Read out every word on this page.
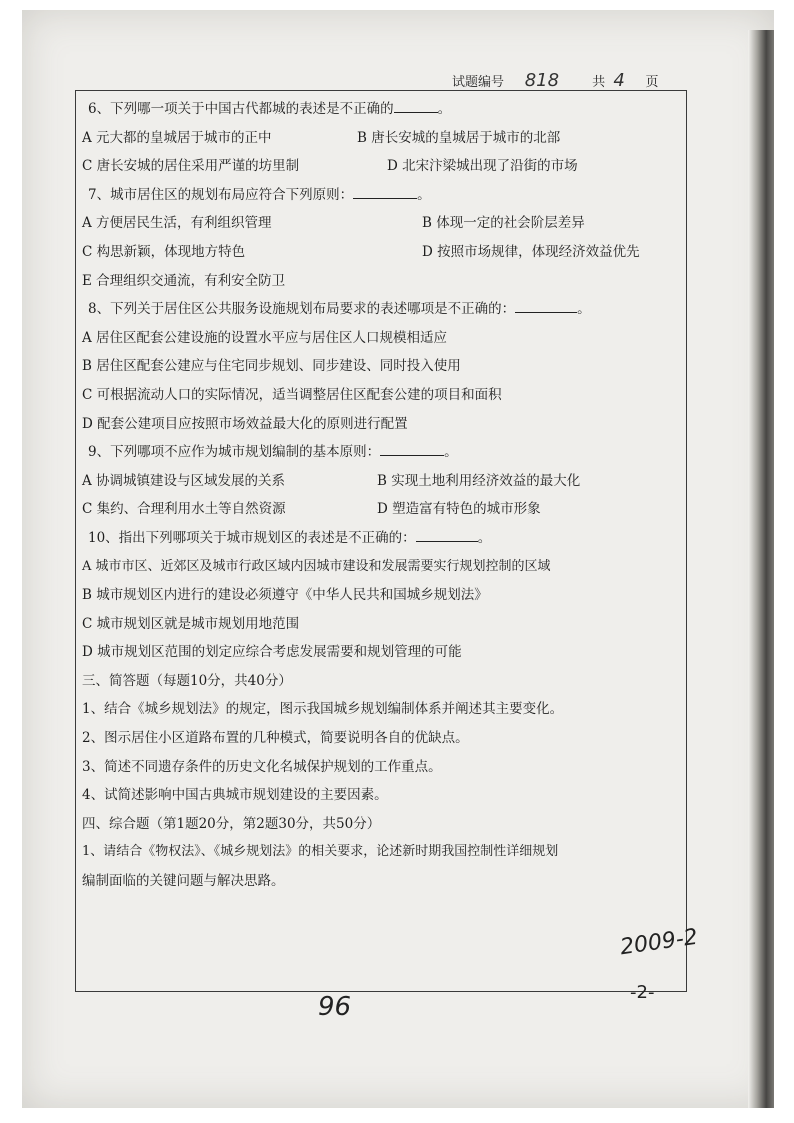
试题编号 818	共 4 页
6、下列哪一项关于中国古代都城的表述是不正确的	。
A 元大都的皇城居于城市的正中	B 唐长安城的皇城居于城市的北部
C 唐长安城的居住采用严谨的坊里制	D 北宋汴梁城出现了沿街的市场
7、城市居住区的规划布局应符合下列原则：	。
A 方便居民生活，有利组织管理	B 体现一定的社会阶层差异
C 构思新颖，体现地方特色	D 按照市场规律，体现经济效益优先
E 合理组织交通流，有利安全防卫
8、下列关于居住区公共服务设施规划布局要求的表述哪项是不正确的：	。
A 居住区配套公建设施的设置水平应与居住区人口规模相适应
B 居住区配套公建应与住宅同步规划、同步建设、同时投入使用
C 可根据流动人口的实际情况，适当调整居住区配套公建的项目和面积
D 配套公建项目应按照市场效益最大化的原则进行配置
9、下列哪项不应作为城市规划编制的基本原则：	。
A 协调城镇建设与区域发展的关系	B 实现土地利用经济效益的最大化
C 集约、合理利用水土等自然资源	D 塑造富有特色的城市形象
10、指出下列哪项关于城市规划区的表述是不正确的：	。
A 城市市区、近郊区及城市行政区域内因城市建设和发展需要实行规划控制的区域
B 城市规划区内进行的建设必须遵守《中华人民共和国城乡规划法》
C 城市规划区就是城市规划用地范围
D 城市规划区范围的划定应综合考虑发展需要和规划管理的可能
三、简答题（每题10分，共40分）
1、结合《城乡规划法》的规定，图示我国城乡规划编制体系并阐述其主要变化。
2、图示居住小区道路布置的几种模式，简要说明各自的优缺点。
3、简述不同遗存条件的历史文化名城保护规划的工作重点。
4、试简述影响中国古典城市规划建设的主要因素。
四、综合题（第1题20分，第2题30分，共50分）
1、请结合《物权法》、《城乡规划法》的相关要求，论述新时期我国控制性详细规划
编制面临的关键问题与解决思路。
2009-2
-2-
96
